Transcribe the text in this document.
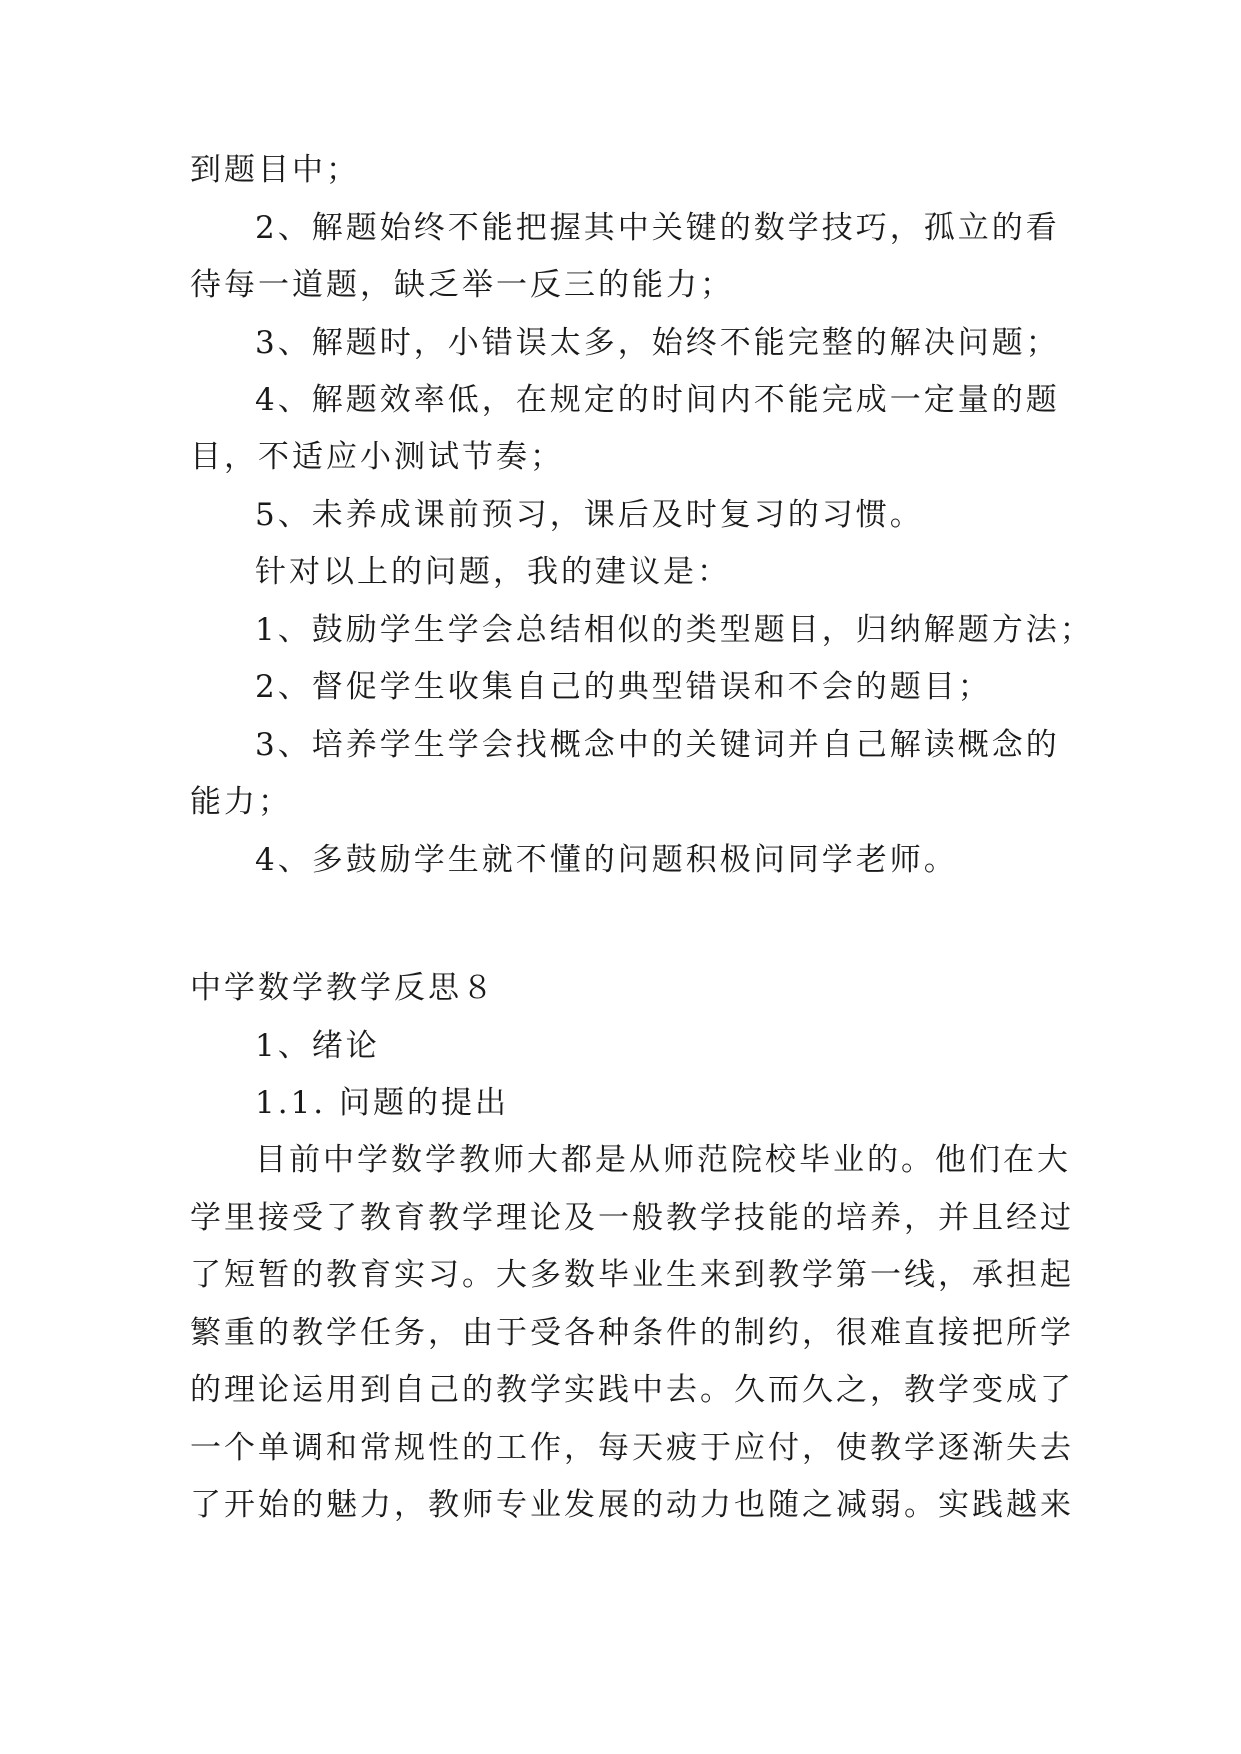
到题目中；
2、解题始终不能把握其中关键的数学技巧，孤立的看
待每一道题，缺乏举一反三的能力；
3、解题时，小错误太多，始终不能完整的解决问题；
4、解题效率低，在规定的时间内不能完成一定量的题
目，不适应小测试节奏；
5、未养成课前预习，课后及时复习的习惯。
针对以上的问题，我的建议是：
1、鼓励学生学会总结相似的类型题目，归纳解题方法；
2、督促学生收集自己的典型错误和不会的题目；
3、培养学生学会找概念中的关键词并自己解读概念的
能力；
4、多鼓励学生就不懂的问题积极问同学老师。
中学数学教学反思８
1、绪论
1.1. 问题的提出
目前中学数学教师大都是从师范院校毕业的。他们在大
学里接受了教育教学理论及一般教学技能的培养，并且经过
了短暂的教育实习。大多数毕业生来到教学第一线，承担起
繁重的教学任务，由于受各种条件的制约，很难直接把所学
的理论运用到自己的教学实践中去。久而久之，教学变成了
一个单调和常规性的工作，每天疲于应付，使教学逐渐失去
了开始的魅力，教师专业发展的动力也随之减弱。实践越来
